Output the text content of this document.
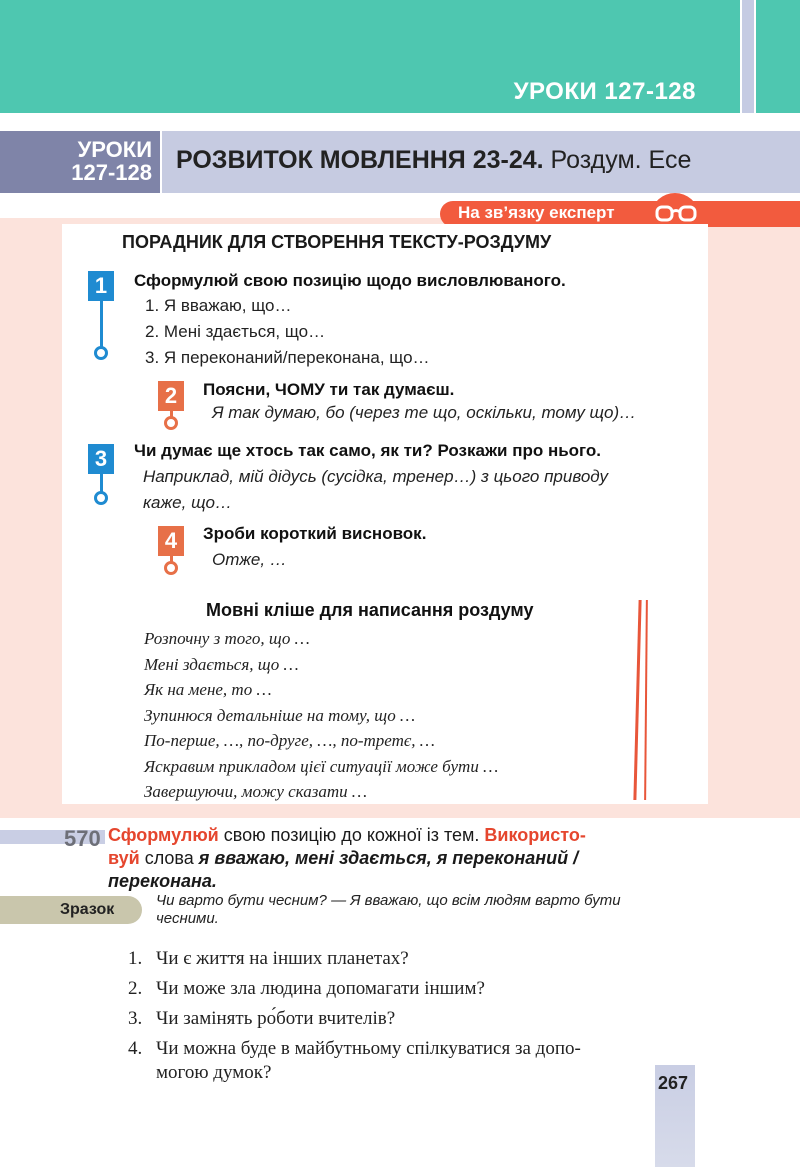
УРОКИ 127-128
УРОКИ
127-128 РОЗВИТОК МОВЛЕННЯ 23-24. Роздум. Есе
На зв’язку експерт
ПОРАДНИК ДЛЯ СТВОРЕННЯ ТЕКСТУ-РОЗДУМУ
1	Сформулюй свою позицію щодо висловлюваного.
1. Я вважаю, що…
2. Мені здається, що…
3. Я переконаний/переконана, що…
2	Поясни, ЧОМУ ти так думаєш.
Я так думаю, бо (через те що, оскільки, тому що)…
3	Чи думає ще хтось так само, як ти? Розкажи про нього.
Наприклад, мій дідусь (сусідка, тренер…) з цього приводу
каже, що…
4	Зроби короткий висновок.
Отже, …
Мовні кліше для написання роздуму
Розпочну з того, що …
Мені здається, що …
Як на мене, то …
Зупинюся детальніше на тому, що …
По-перше, …, по-друге, …, по-третє, …
Яскравим прикладом цієї ситуації може бути …
Завершуючи, можу сказати …
570 Сформулюй свою позицію до кожної із тем. Використо-
вуй слова я вважаю, мені здається, я переконаний /
переконана.
Зразок
Чи варто бути чесним? — Я вважаю, що всім людям варто бути чесними.
1. Чи є життя на інших планетах?
2. Чи може зла людина допомагати іншим?
3. Чи замінять ро́боти вчителів?
4. Чи можна буде в майбутньому спілкуватися за допо-
могою думок?	267
